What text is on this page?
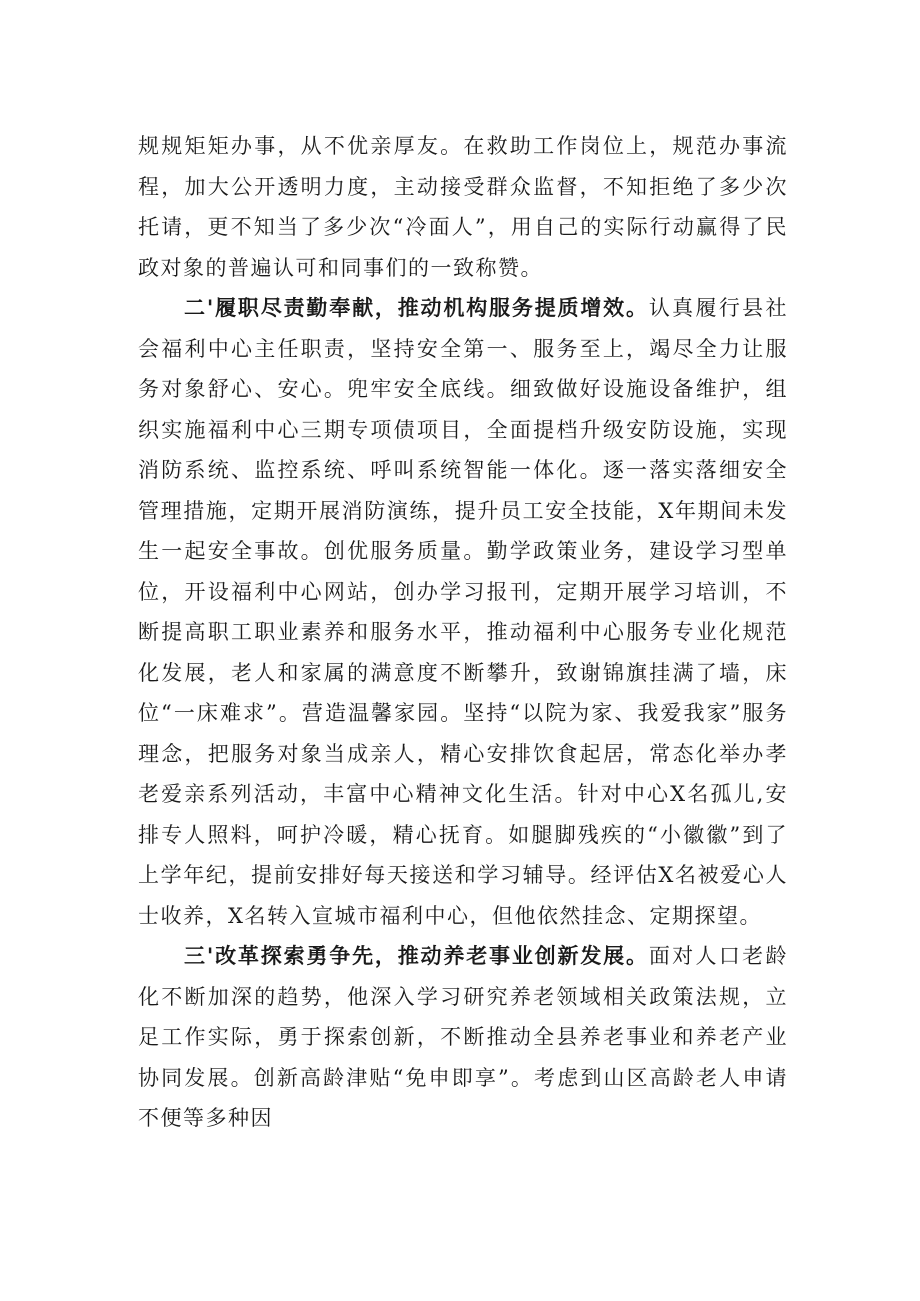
规规矩矩办事，从不优亲厚友。在救助工作岗位上，规范办事流程，加大公开透明力度，主动接受群众监督，不知拒绝了多少次托请，更不知当了多少次“冷面人”，用自己的实际行动赢得了民政对象的普遍认可和同事们的一致称赞。

二'履职尽责勤奉献，推动机构服务提质增效。认真履行县社会福利中心主任职责，坚持安全第一、服务至上，竭尽全力让服务对象舒心、安心。兜牢安全底线。细致做好设施设备维护，组织实施福利中心三期专项债项目，全面提档升级安防设施，实现消防系统、监控系统、呼叫系统智能一体化。逐一落实落细安全管理措施，定期开展消防演练，提升员工安全技能，X年期间未发生一起安全事故。创优服务质量。勤学政策业务，建设学习型单位，开设福利中心网站，创办学习报刊，定期开展学习培训，不断提高职工职业素养和服务水平，推动福利中心服务专业化规范化发展，老人和家属的满意度不断攀升，致谢锦旗挂满了墙，床位“一床难求”。营造温馨家园。坚持“以院为家、我爱我家”服务理念，把服务对象当成亲人，精心安排饮食起居，常态化举办孝老爱亲系列活动，丰富中心精神文化生活。针对中心X名孤儿,安排专人照料，呵护冷暖，精心抚育。如腿脚残疾的“小徽徽”到了上学年纪，提前安排好每天接送和学习辅导。经评估X名被爱心人士收养，X名转入宣城市福利中心，但他依然挂念、定期探望。

三'改革探索勇争先，推动养老事业创新发展。面对人口老龄化不断加深的趋势，他深入学习研究养老领域相关政策法规，立足工作实际，勇于探索创新，不断推动全县养老事业和养老产业协同发展。创新高龄津贴“免申即享”。考虑到山区高龄老人申请不便等多种因
